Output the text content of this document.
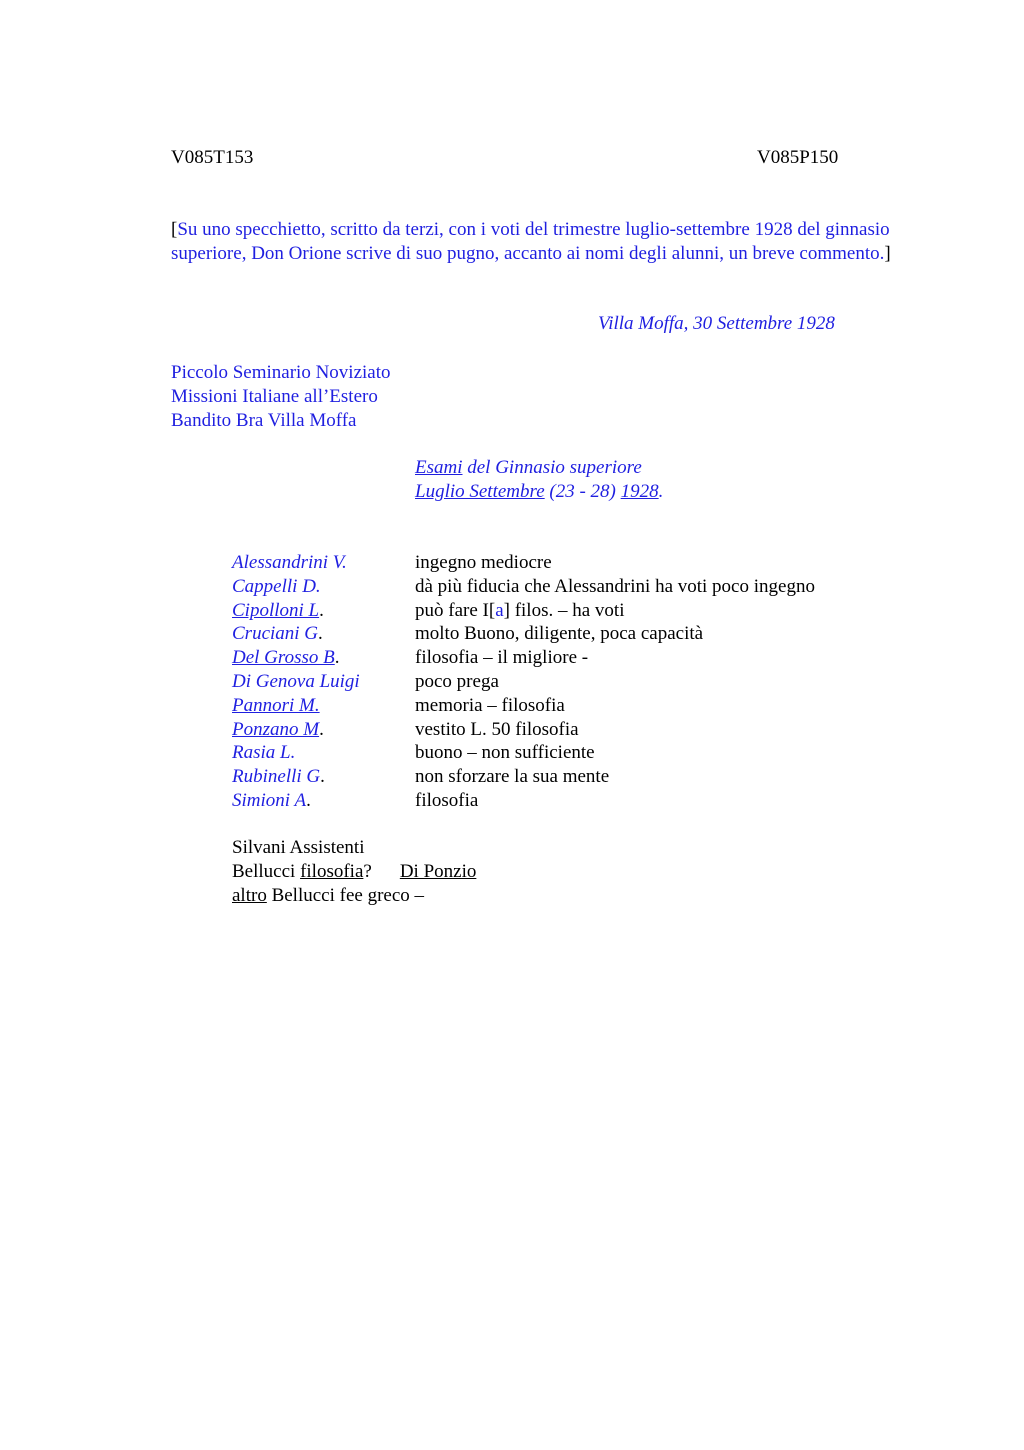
V085T153	V085P150
[Su uno specchietto, scritto da terzi, con i voti del trimestre luglio-settembre 1928 del ginnasio superiore, Don Orione scrive di suo pugno, accanto ai nomi degli alunni, un breve commento.]
Villa Moffa, 30 Settembre 1928
Piccolo Seminario Noviziato
Missioni Italiane all’Estero
Bandito Bra Villa Moffa
Esami del Ginnasio superiore
Luglio Settembre (23 - 28) 1928.
Alessandrini V.	ingegno mediocre
Cappelli D.	dà più fiducia che Alessandrini ha voti poco ingegno
Cipolloni L.	può fare I[a] filos. – ha voti
Cruciani G.	molto Buono, diligente, poca capacità
Del Grosso B.	filosofia – il migliore -
Di Genova Luigi	poco prega
Pannori M.	memoria – filosofia
Ponzano M.	vestito L. 50 filosofia
Rasia L.	buono – non sufficiente
Rubinelli G.	non sforzare la sua mente
Simioni A.	filosofia
Silvani Assistenti
Bellucci filosofia? Di Ponzio
altro Bellucci fee greco –
